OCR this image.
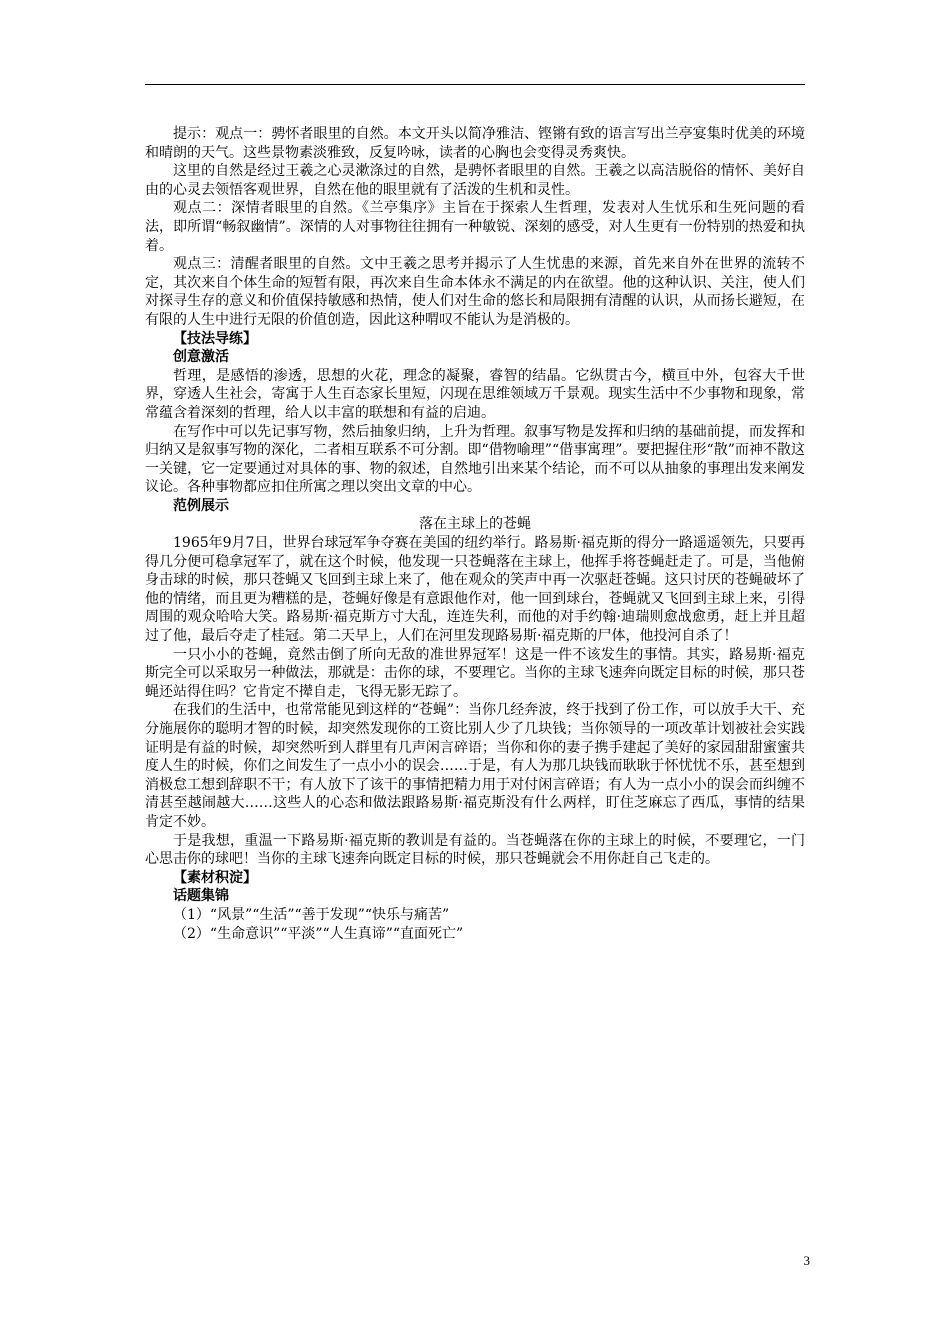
提示：观点一：骋怀者眼里的自然。本文开头以简净雅洁、铿锵有致的语言写出兰亭宴集时优美的环境和晴朗的天气。这些景物素淡雅致，反复吟咏，读者的心胸也会变得灵秀爽快。

这里的自然是经过王羲之心灵漱涤过的自然，是骋怀者眼里的自然。王羲之以高洁脱俗的情怀、美好自由的心灵去领悟客观世界，自然在他的眼里就有了活泼的生机和灵性。

观点二：深情者眼里的自然。《兰亭集序》主旨在于探索人生哲理，发表对人生忧乐和生死问题的看法，即所谓“畅叙幽情”。深情的人对事物往往拥有一种敏锐、深刻的感受，对人生更有一份特别的热爱和执着。

观点三：清醒者眼里的自然。文中王羲之思考并揭示了人生忧患的来源，首先来自外在世界的流转不定，其次来自个体生命的短暂有限，再次来自生命本体永不满足的内在欲望。他的这种认识、关注，使人们对探寻生存的意义和价值保持敏感和热情，使人们对生命的悠长和局限拥有清醒的认识，从而扬长避短，在有限的人生中进行无限的价值创造，因此这种喟叹不能认为是消极的。

【技法导练】

创意激活

哲理，是感悟的渗透，思想的火花，理念的凝聚，睿智的结晶。它纵贯古今，横亘中外，包容大千世界，穿透人生社会，寄寓于人生百态家长里短，闪现在思维领域万千景观。现实生活中不少事物和现象，常常蕴含着深刻的哲理，给人以丰富的联想和有益的启迪。

在写作中可以先记事写物，然后抽象归纳，上升为哲理。叙事写物是发挥和归纳的基础前提，而发挥和归纳又是叙事写物的深化，二者相互联系不可分割。即“借物喻理”“借事寓理”。要把握住形“散”而神不散这一关键，它一定要通过对具体的事、物的叙述，自然地引出来某个结论，而不可以从抽象的事理出发来阐发议论。各种事物都应扣住所寓之理以突出文章的中心。

范例展示

落在主球上的苍蝇

1965年9月7日，世界台球冠军争夺赛在美国的纽约举行。路易斯·福克斯的得分一路遥遥领先，只要再得几分便可稳拿冠军了，就在这个时候，他发现一只苍蝇落在主球上，他挥手将苍蝇赶走了。可是，当他俯身击球的时候，那只苍蝇又飞回到主球上来了，他在观众的笑声中再一次驱赶苍蝇。这只讨厌的苍蝇破坏了他的情绪，而且更为糟糕的是，苍蝇好像是有意跟他作对，他一回到球台，苍蝇就又飞回到主球上来，引得周围的观众哈哈大笑。路易斯·福克斯方寸大乱，连连失利，而他的对手约翰·迪瑞则愈战愈勇，赶上并且超过了他，最后夺走了桂冠。第二天早上，人们在河里发现路易斯·福克斯的尸体，他投河自杀了！

一只小小的苍蝇，竟然击倒了所向无敌的准世界冠军！这是一件不该发生的事情。其实，路易斯·福克斯完全可以采取另一种做法，那就是：击你的球，不要理它。当你的主球飞速奔向既定目标的时候，那只苍蝇还站得住吗？它肯定不撵自走，飞得无影无踪了。

在我们的生活中，也常常能见到这样的“苍蝇”：当你几经奔波，终于找到了份工作，可以放手大干、充分施展你的聪明才智的时候，却突然发现你的工资比别人少了几块钱；当你领导的一项改革计划被社会实践证明是有益的时候，却突然听到人群里有几声闲言碎语；当你和你的妻子携手建起了美好的家园甜甜蜜蜜共度人生的时候，你们之间发生了一点小小的误会……于是，有人为那几块钱而耿耿于怀忧忧不乐，甚至想到消极怠工想到辞职不干；有人放下了该干的事情把精力用于对付闲言碎语；有人为一点小小的误会而纠缠不清甚至越闹越大……这些人的心态和做法跟路易斯·福克斯没有什么两样，盯住芝麻忘了西瓜，事情的结果肯定不妙。

于是我想，重温一下路易斯·福克斯的教训是有益的。当苍蝇落在你的主球上的时候，不要理它，一门心思击你的球吧！当你的主球飞速奔向既定目标的时候，那只苍蝇就会不用你赶自己飞走的。

【素材积淀】

话题集锦

（1）“风景”“生活”“善于发现”“快乐与痛苦”

（2）“生命意识”“平淡”“人生真谛”“直面死亡”

3
